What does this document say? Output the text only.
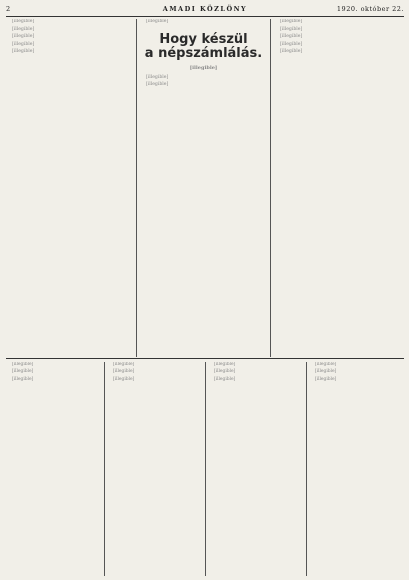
2	AMADI KÖZLÖNY	1920. október 22.

[illegible]

[illegible]

[illegible]

[illegible]

[illegible]

[illegible]

Hogy készül
a népszámlálás.
[illegible]

[illegible]

[illegible]

[illegible]

[illegible]

[illegible]

[illegible]

[illegible]

[illegible]

[illegible]

[illegible]

[illegible]

[illegible]

[illegible]

[illegible]

[illegible]

[illegible]

[illegible]

[illegible]

[illegible]
